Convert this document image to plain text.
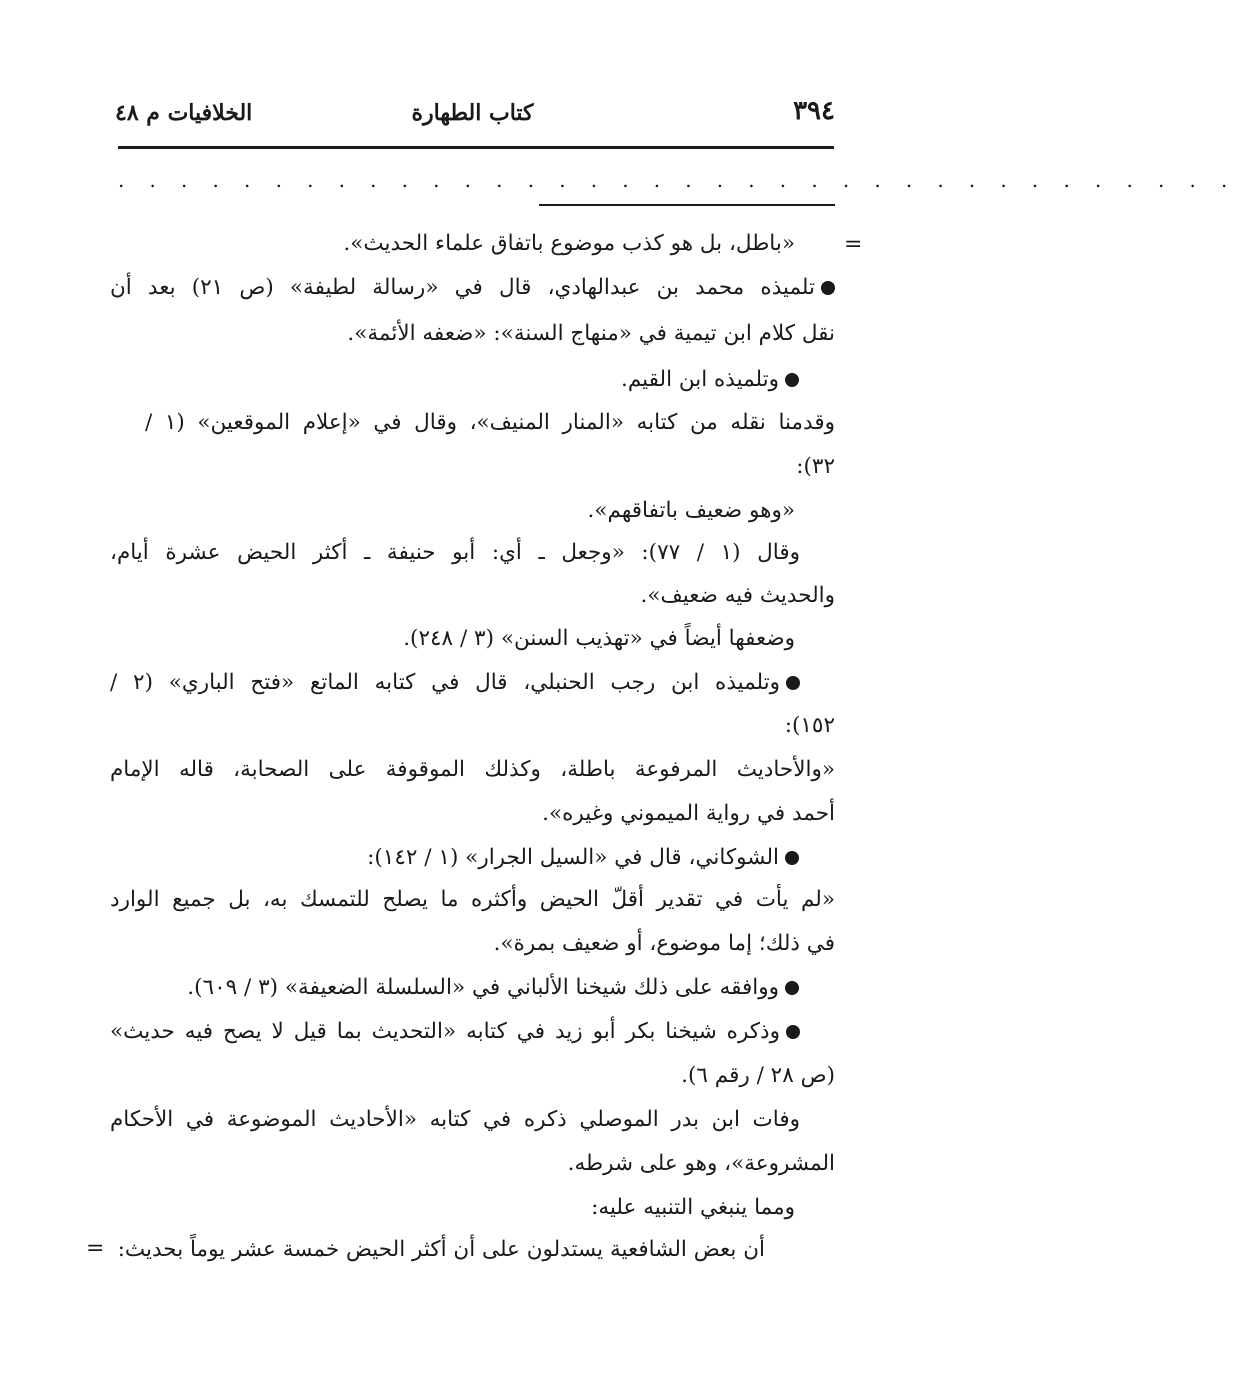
٣٩٤
كتاب الطهارة
الخلافيات م ٤٨
. . . . . . . . . . . . . . . . . . . . . . . . . . . . . . . . . . . .
=
«باطل، بل هو كذب موضوع باتفاق علماء الحديث».
تلميذه محمد بن عبدالهادي، قال في «رسالة لطيفة» (ص ٢١) بعد أن
نقل كلام ابن تيمية في «منهاج السنة»: «ضعفه الأئمة».
وتلميذه ابن القيم.
وقدمنا نقله من كتابه «المنار المنيف»، وقال في «إعلام الموقعين» (١ /
٣٢):
«وهو ضعيف باتفاقهم».
وقال (١ / ٧٧): «وجعل ـ أي: أبو حنيفة ـ أكثر الحيض عشرة أيام،
والحديث فيه ضعيف».
وضعفها أيضاً في «تهذيب السنن» (٣ / ٢٤٨).
وتلميذه ابن رجب الحنبلي، قال في كتابه الماتع «فتح الباري» (٢ /
١٥٢):
«والأحاديث المرفوعة باطلة، وكذلك الموقوفة على الصحابة، قاله الإمام
أحمد في رواية الميموني وغيره».
الشوكاني، قال في «السيل الجرار» (١ / ١٤٢):
«لم يأت في تقدير أقلّ الحيض وأكثره ما يصلح للتمسك به، بل جميع الوارد
في ذلك؛ إما موضوع، أو ضعيف بمرة».
ووافقه على ذلك شيخنا الألباني في «السلسلة الضعيفة» (٣ / ٦٠٩).
وذكره شيخنا بكر أبو زيد في كتابه «التحديث بما قيل لا يصح فيه حديث»
(ص ٢٨ / رقم ٦).
وفات ابن بدر الموصلي ذكره في كتابه «الأحاديث الموضوعة في الأحكام
المشروعة»، وهو على شرطه.
ومما ينبغي التنبيه عليه:
أن بعض الشافعية يستدلون على أن أكثر الحيض خمسة عشر يوماً بحديث:
=
